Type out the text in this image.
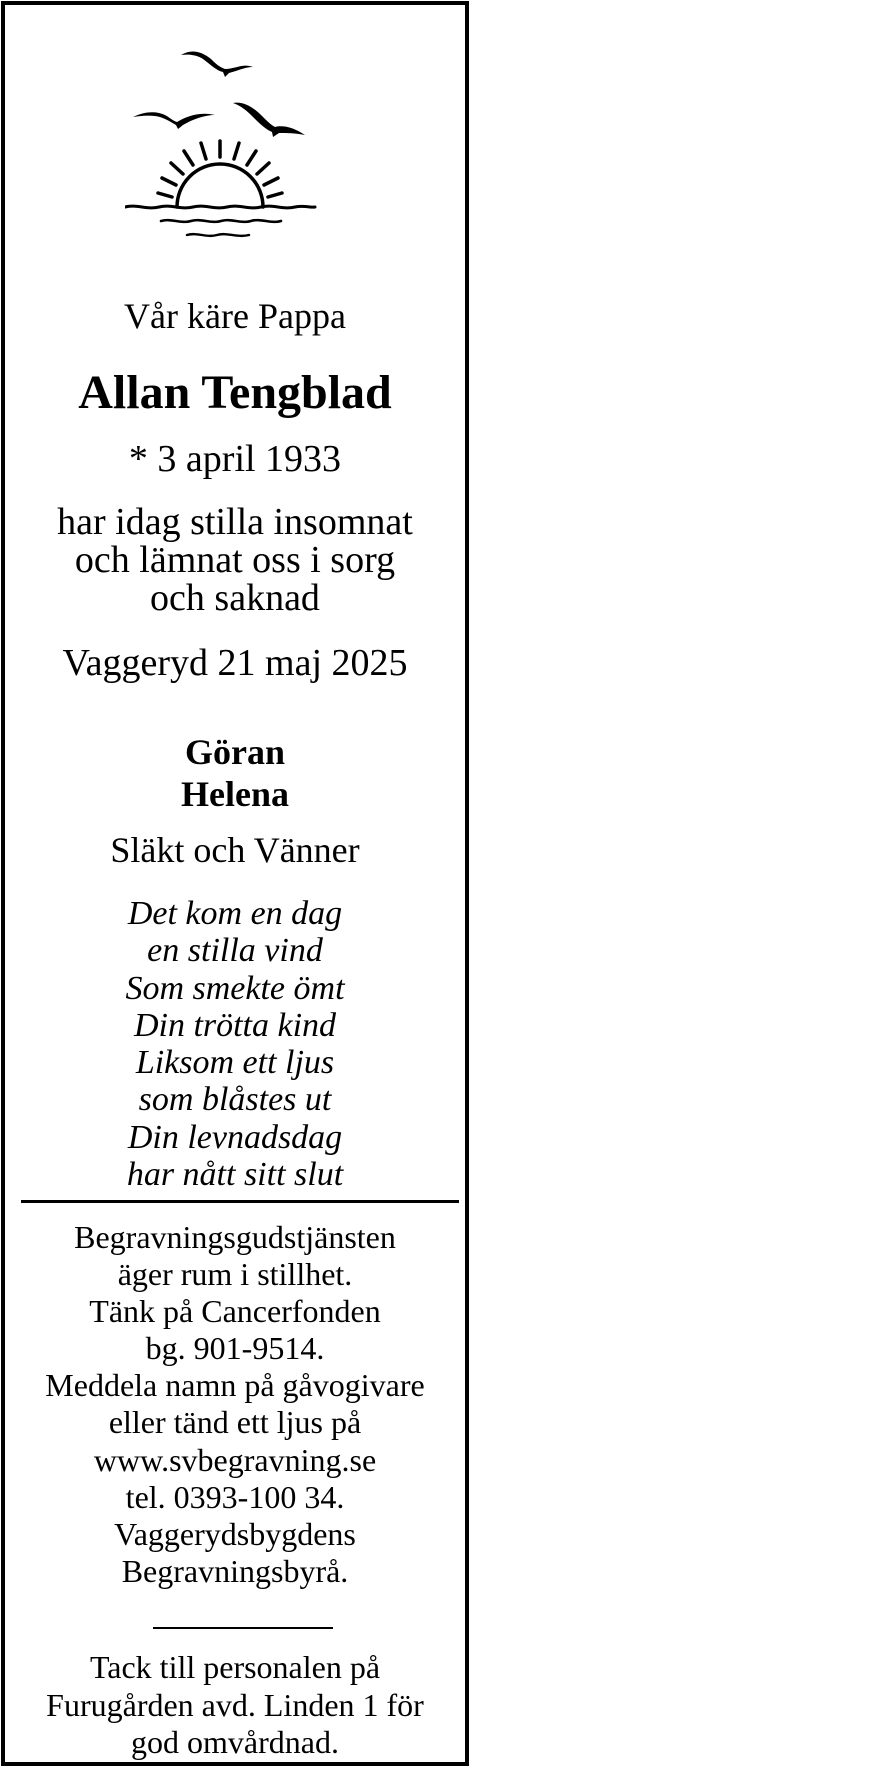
Vår käre Pappa
Allan Tengblad
* 3 april 1933
har idag stilla insomnat
och lämnat oss i sorg
och saknad
Vaggeryd 21 maj 2025
Göran
Helena
Släkt och Vänner
Det kom en dag
en stilla vind
Som smekte ömt
Din trötta kind
Liksom ett ljus
som blåstes ut
Din levnadsdag
har nått sitt slut
Begravningsgudstjänsten
äger rum i stillhet.
Tänk på Cancerfonden
bg. 901-9514.
Meddela namn på gåvogivare
eller tänd ett ljus på
www.svbegravning.se
tel. 0393-100 34.
Vaggerydsbygdens
Begravningsbyrå.
Tack till personalen på
Furugården avd. Linden 1 för
god omvårdnad.
